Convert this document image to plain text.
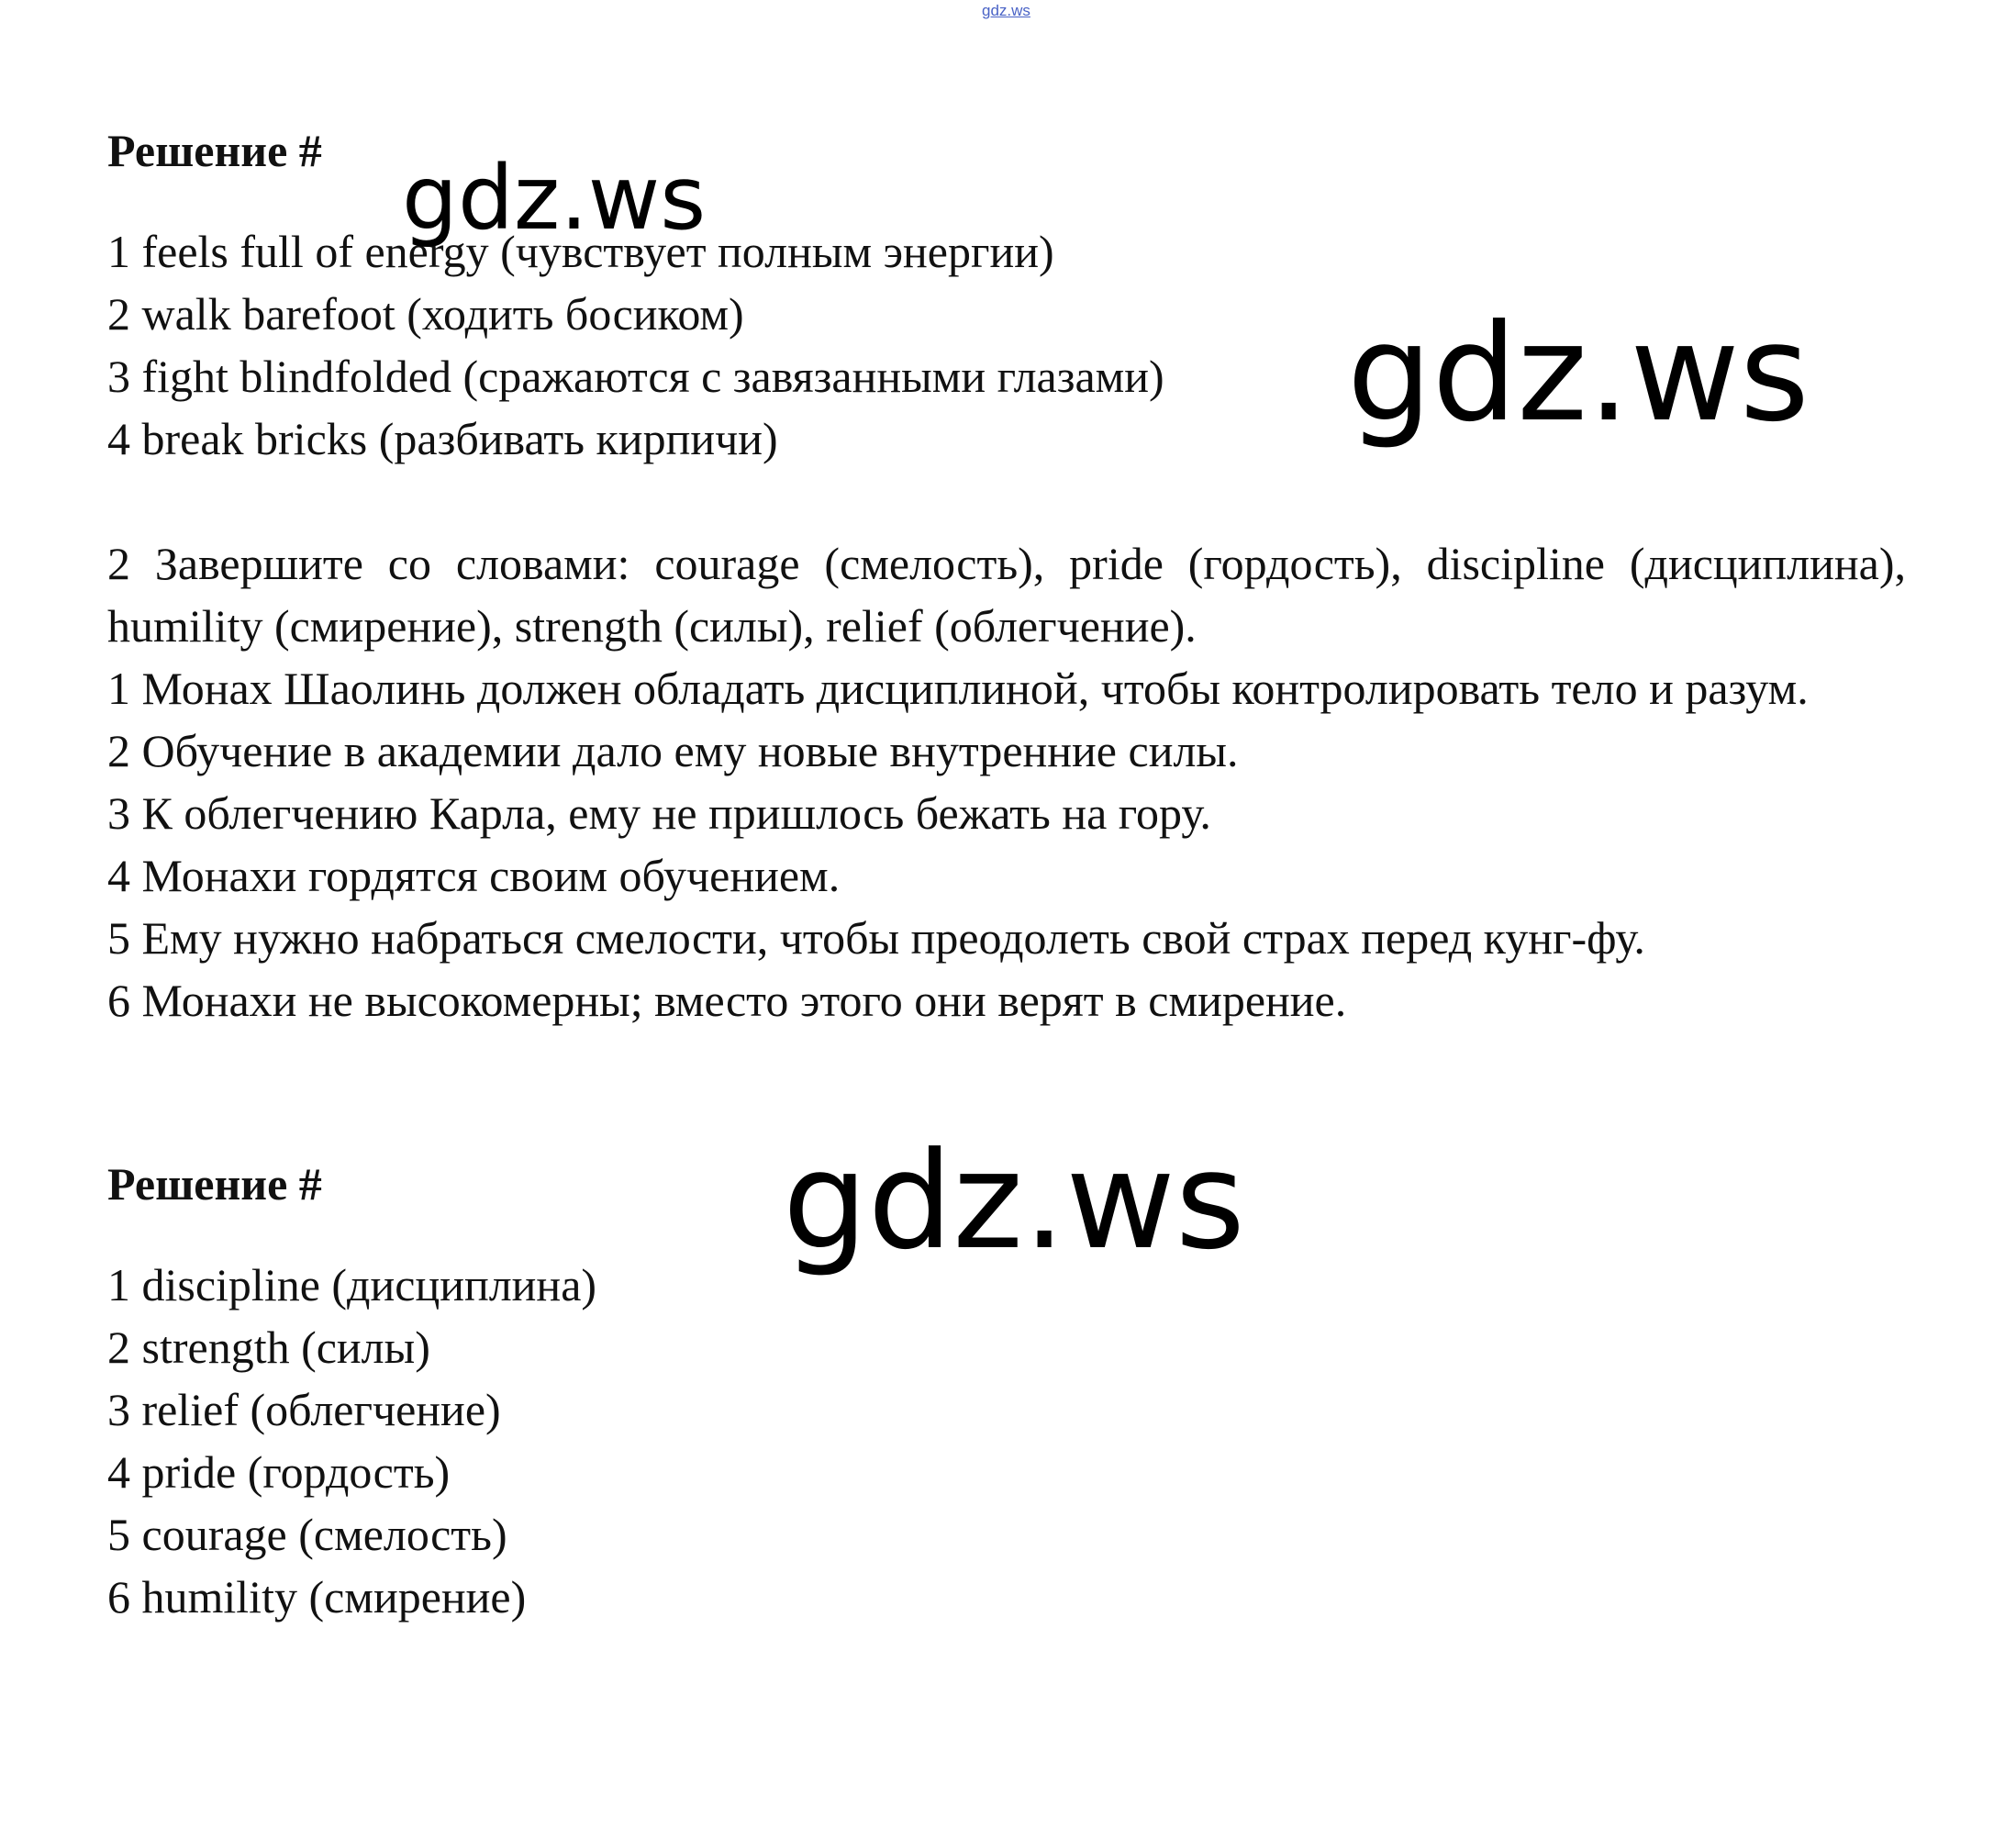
gdz.ws

Решение #

1 feels full of energy (чувствует полным энергии)

2 walk barefoot (ходить босиком)

3 fight blindfolded (сражаются с завязанными глазами)

4 break bricks (разбивать кирпичи)

2 Завершите со словами: courage (смелость), pride (гордость), discipline (дисциплина), humility (смирение), strength (силы), relief (облегчение).

1 Монах Шаолинь должен обладать дисциплиной, чтобы контролировать тело и разум.

2 Обучение в академии дало ему новые внутренние силы.

3 К облегчению Карла, ему не пришлось бежать на гору.

4 Монахи гордятся своим обучением.

5 Ему нужно набраться смелости, чтобы преодолеть свой страх перед кунг-фу.

6 Монахи не высокомерны; вместо этого они верят в смирение.

Решение #

1 discipline (дисциплина)

2 strength (силы)

3 relief (облегчение)

4 pride (гордость)

5 courage (смелость)

6 humility (смирение)

gdz.ws
gdz.ws
gdz.ws
